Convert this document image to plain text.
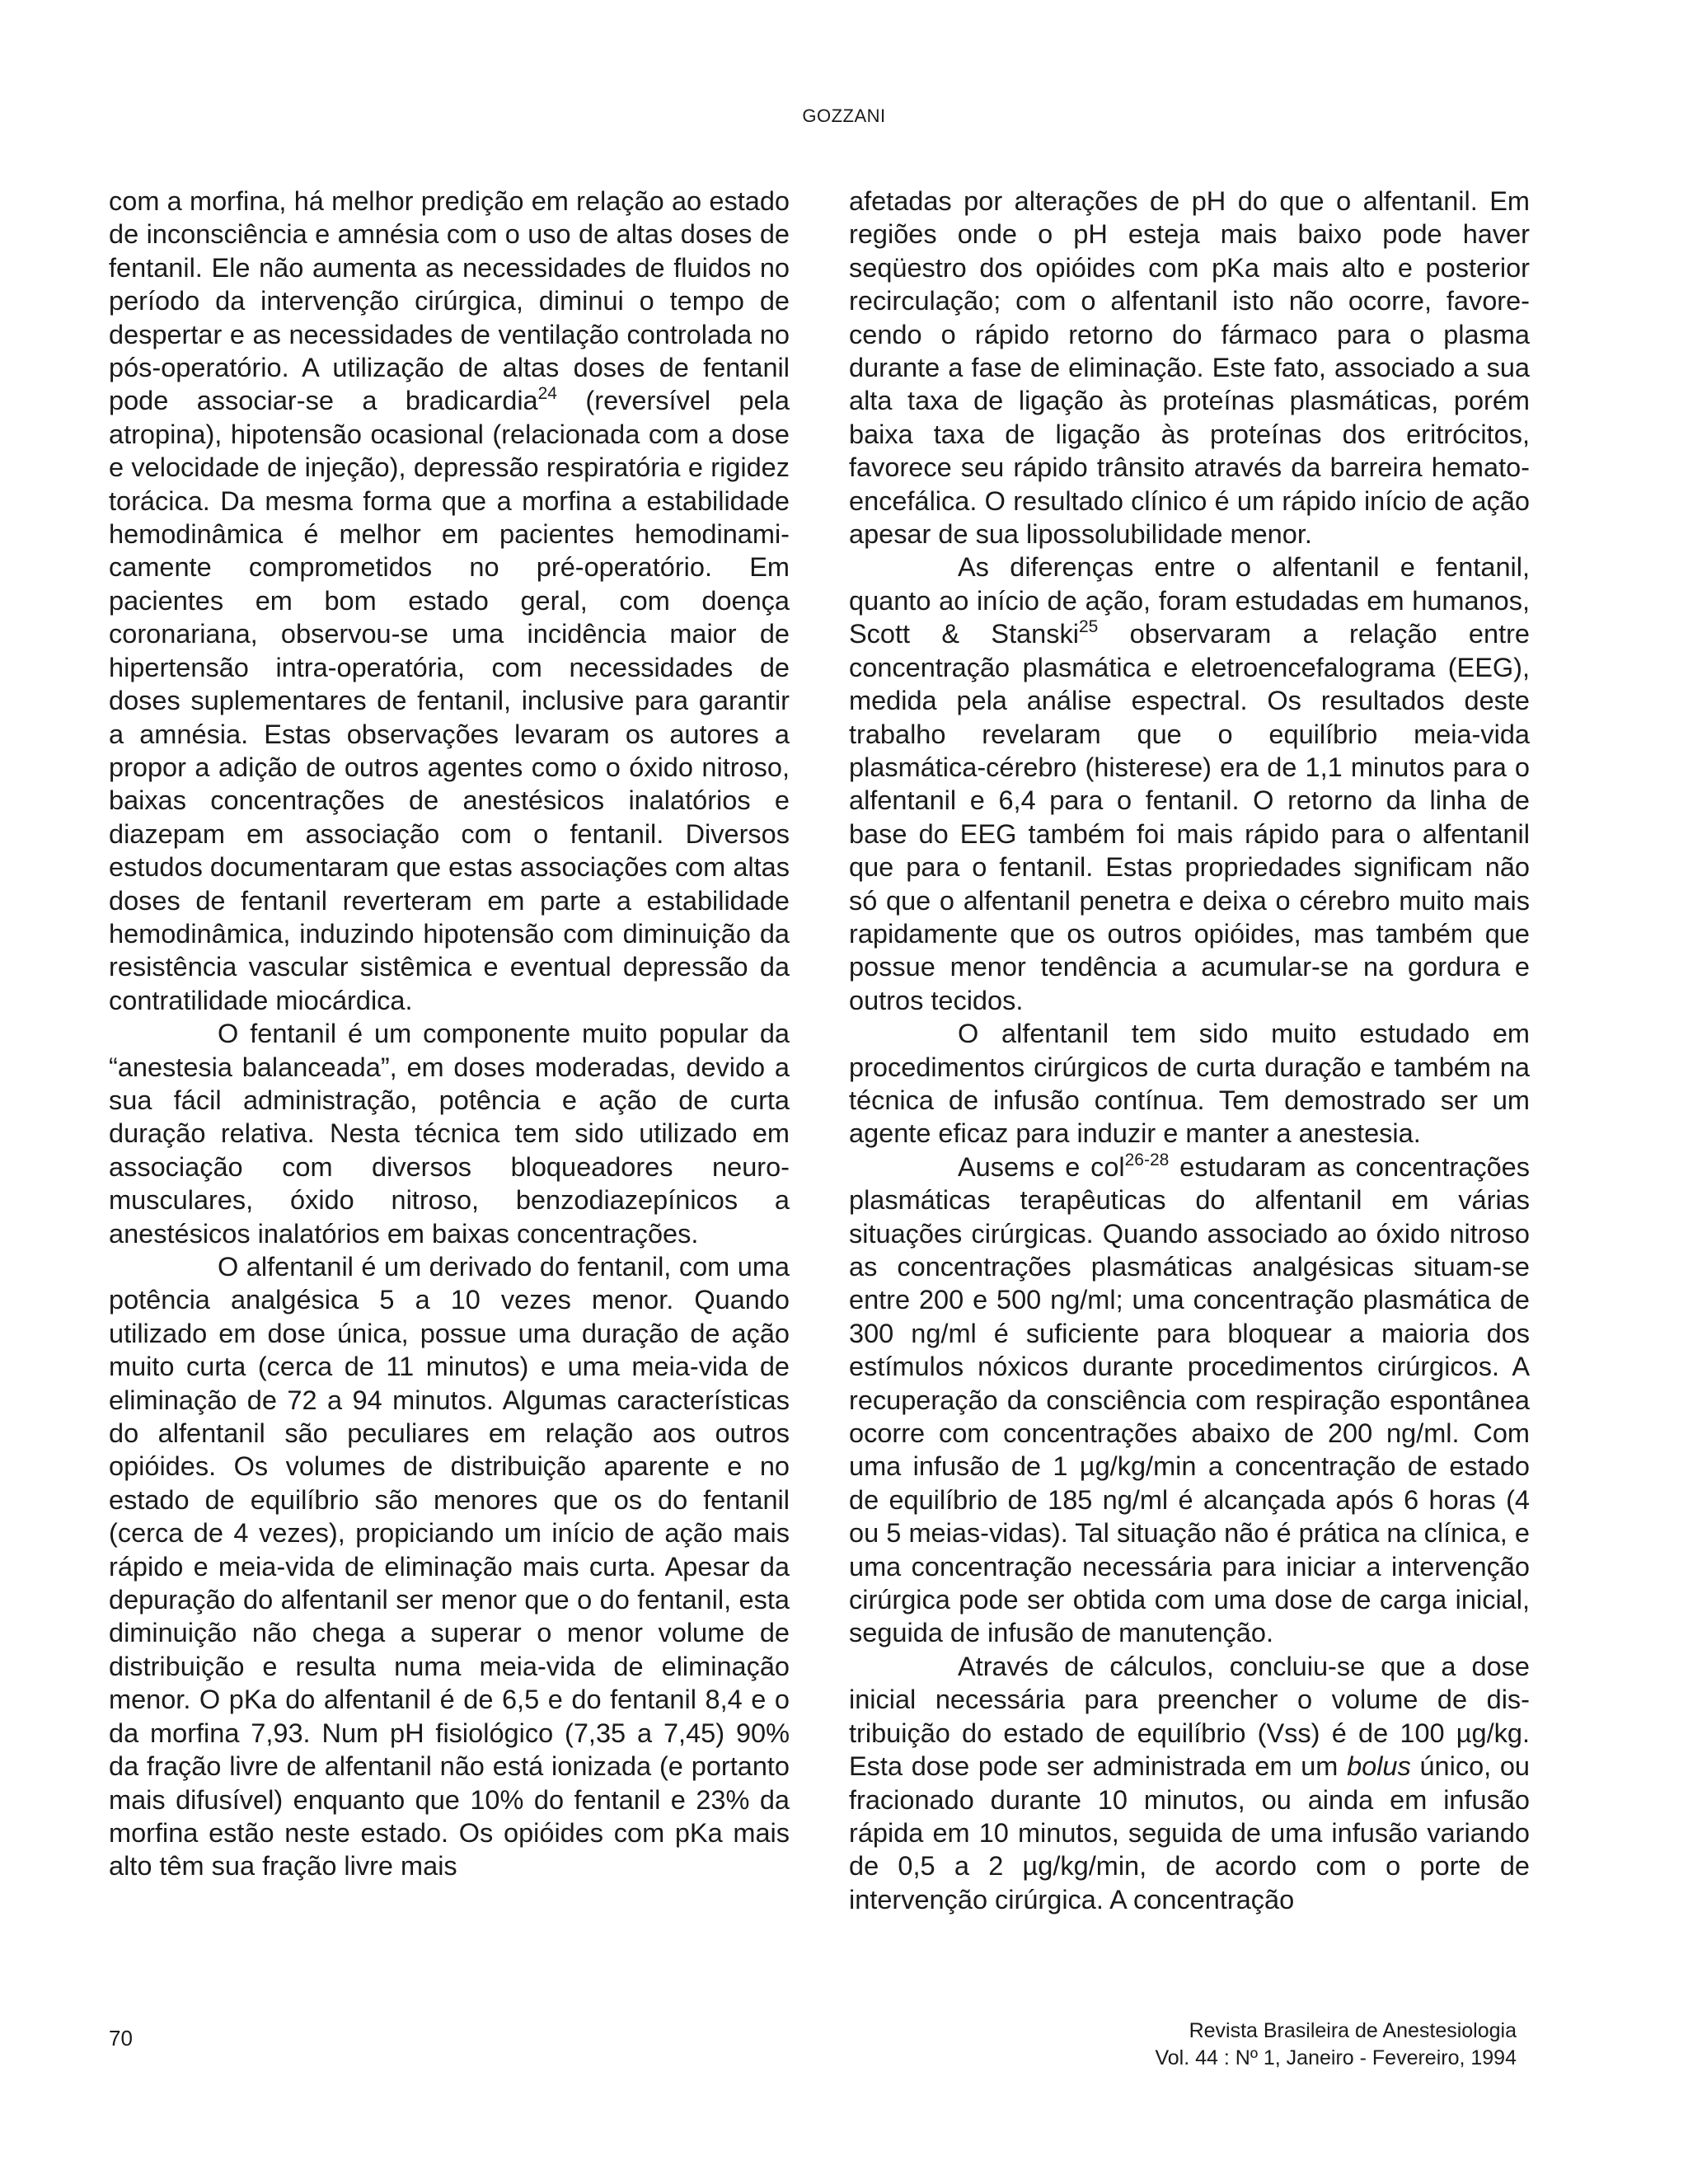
GOZZANI

com a morfina, há melhor predição em relação ao estado de inconsciência e amnésia com o uso de altas doses de fentanil. Ele não aumenta as necessidades de fluidos no período da intervenção cirúrgica, diminui o tempo de despertar e as necessidades de ventilação controlada no pós-operatório. A utilização de altas doses de fentanil pode associar-se a bradicardia$^{24}$ (reversível pela atropina), hipotensão ocasional (relacionada com a dose e velocidade de injeção), depressão respiratória e rigidez torácica. Da mesma forma que a morfina a estabilidade hemodinâmica é melhor em pacientes hemodinamicamente comprometidos no pré-operatório. Em pacientes em bom estado geral, com doença coronariana, observou-se uma incidência maior de hipertensão intra-operatória, com necessidades de doses suplementares de fentanil, inclusive para garantir a amnésia. Estas observações levaram os autores a propor a adição de outros agentes como o óxido nitroso, baixas concentrações de anestésicos inalatórios e diazepam em associação com o fentanil. Diversos estudos documentaram que estas associações com altas doses de fentanil reverteram em parte a estabilidade hemodinâmica, induzindo hipotensão com diminuição da resistência vascular sistêmica e eventual depressão da contratilidade miocárdica.

O fentanil é um componente muito popular da “anestesia balanceada”, em doses moderadas, devido a sua fácil administração, potência e ação de curta duração relativa. Nesta técnica tem sido utilizado em associação com diversos bloqueadores neuro-musculares, óxido nitroso, benzodiazepínicos a anestésicos inalatórios em baixas concentrações.

O alfentanil é um derivado do fentanil, com uma potência analgésica 5 a 10 vezes menor. Quando utilizado em dose única, possue uma duração de ação muito curta (cerca de 11 minutos) e uma meia-vida de eliminação de 72 a 94 minutos. Algumas características do alfentanil são peculiares em relação aos outros opióides. Os volumes de distribuição aparente e no estado de equilíbrio são menores que os do fentanil (cerca de 4 vezes), propiciando um início de ação mais rápido e meia-vida de eliminação mais curta. Apesar da depuração do alfentanil ser menor que o do fentanil, esta diminuição não chega a superar o menor volume de distribuição e resulta numa meia-vida de eliminação menor. O pKa do alfentanil é de 6,5 e do fentanil 8,4 e o da morfina 7,93. Num pH fisiológico (7,35 a 7,45) 90% da fração livre de alfentanil não está ionizada (e portanto mais difusível) enquanto que 10% do fentanil e 23% da morfina estão neste estado. Os opióides com pKa mais alto têm sua fração livre mais

afetadas por alterações de pH do que o alfentanil. Em regiões onde o pH esteja mais baixo pode haver seqüestro dos opióides com pKa mais alto e posterior recirculação; com o alfentanil isto não ocorre, favorecendo o rápido retorno do fármaco para o plasma durante a fase de eliminação. Este fato, associado a sua alta taxa de ligação às proteínas plasmáticas, porém baixa taxa de ligação às proteínas dos eritrócitos, favorece seu rápido trânsito através da barreira hemato-encefálica. O resultado clínico é um rápido início de ação apesar de sua lipossolubilidade menor.

As diferenças entre o alfentanil e fentanil, quanto ao início de ação, foram estudadas em humanos, Scott & Stanski$^{25}$ observaram a relação entre concentração plasmática e eletroencefalograma (EEG), medida pela análise espectral. Os resultados deste trabalho revelaram que o equilíbrio meia-vida plasmática-cérebro (histerese) era de 1,1 minutos para o alfentanil e 6,4 para o fentanil. O retorno da linha de base do EEG também foi mais rápido para o alfentanil que para o fentanil. Estas propriedades significam não só que o alfentanil penetra e deixa o cérebro muito mais rapidamente que os outros opióides, mas também que possue menor tendência a acumular-se na gordura e outros tecidos.

O alfentanil tem sido muito estudado em procedimentos cirúrgicos de curta duração e também na técnica de infusão contínua. Tem demostrado ser um agente eficaz para induzir e manter a anestesia.

Ausems e col$^{26-28}$ estudaram as concentrações plasmáticas terapêuticas do alfentanil em várias situações cirúrgicas. Quando associado ao óxido nitroso as concentrações plasmáticas analgésicas situam-se entre 200 e 500 ng/ml; uma concentração plasmática de 300 ng/ml é suficiente para bloquear a maioria dos estímulos nóxicos durante procedimentos cirúrgicos. A recuperação da consciência com respiração espontânea ocorre com concentrações abaixo de 200 ng/ml. Com uma infusão de 1 µg/kg/min a concentração de estado de equilíbrio de 185 ng/ml é alcançada após 6 horas (4 ou 5 meias-vidas). Tal situação não é prática na clínica, e uma concentração necessária para iniciar a intervenção cirúrgica pode ser obtida com uma dose de carga inicial, seguida de infusão de manutenção.

Através de cálculos, concluiu-se que a dose inicial necessária para preencher o volume de distribuição do estado de equilíbrio (Vss) é de 100 µg/kg. Esta dose pode ser administrada em um bolus único, ou fracionado durante 10 minutos, ou ainda em infusão rápida em 10 minutos, seguida de uma infusão variando de 0,5 a 2 µg/kg/min, de acordo com o porte de intervenção cirúrgica. A concentração

70	Revista Brasileira de Anestesiologia
Vol. 44 : Nº 1, Janeiro - Fevereiro, 1994
